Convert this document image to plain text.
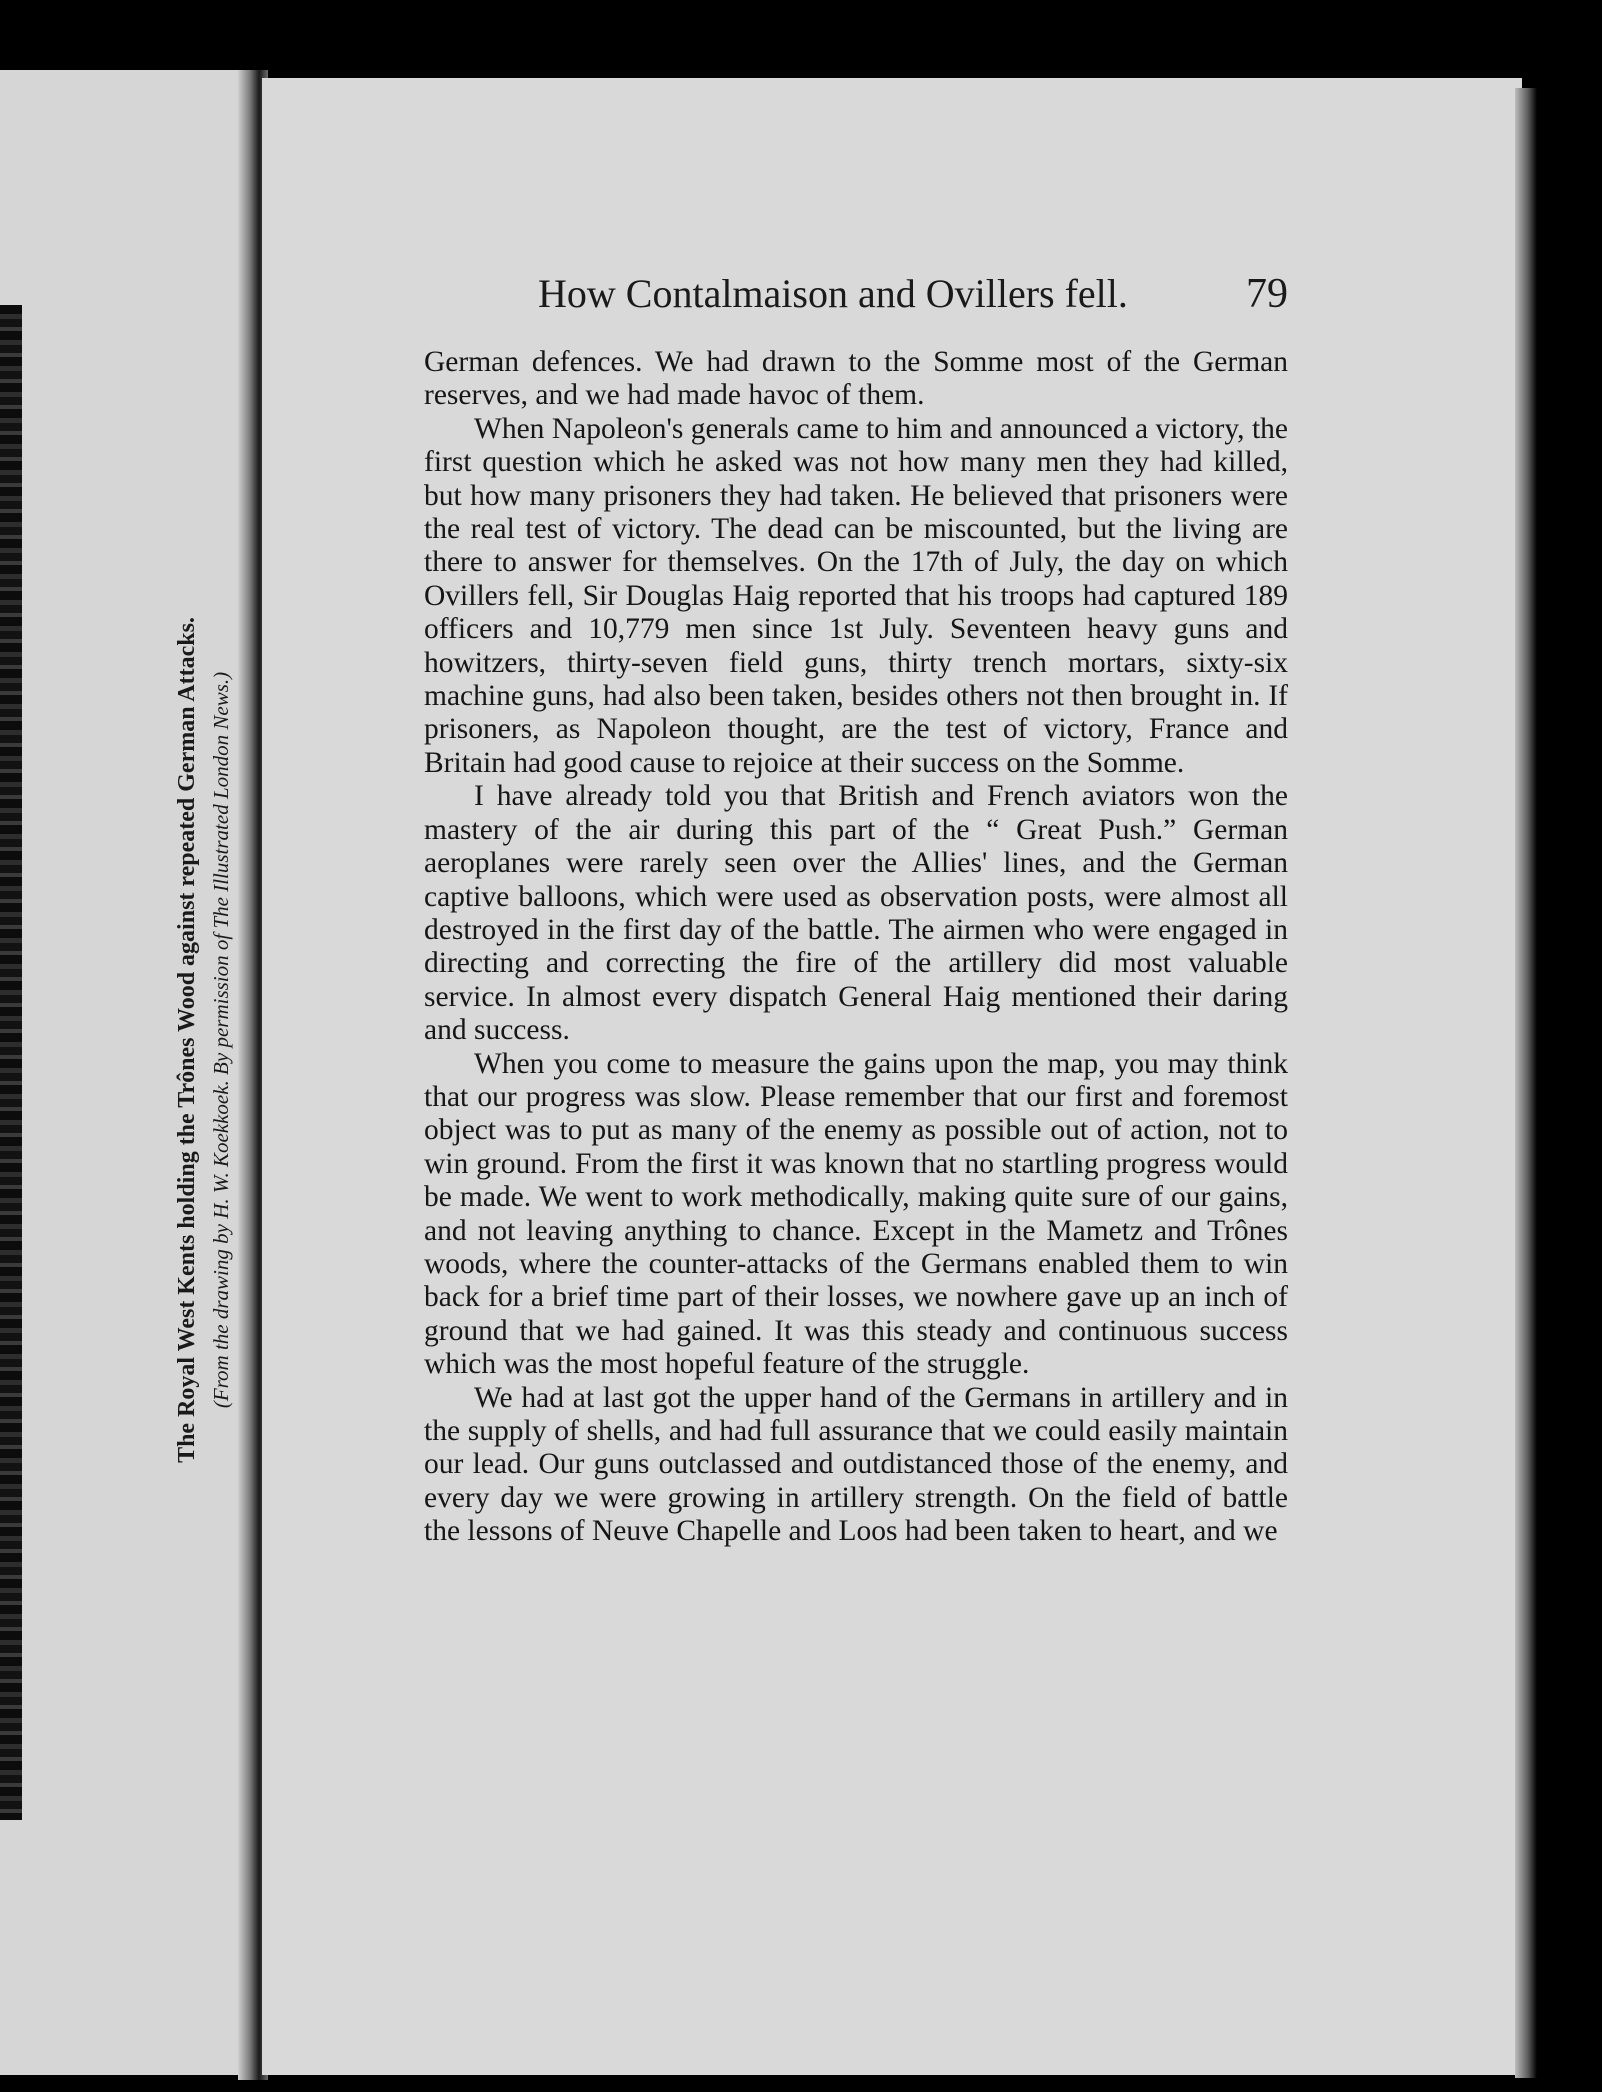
The Royal West Kents holding the Trônes Wood against repeated German Attacks. (From the drawing by H. W. Koekkoek. By permission of The Illustrated London News.)
How Contalmaison and Ovillers fell.	79

German defences. We had drawn to the Somme most of the German reserves, and we had made havoc of them.

When Napoleon's generals came to him and announced a victory, the first question which he asked was not how many men they had killed, but how many prisoners they had taken. He believed that prisoners were the real test of victory. The dead can be miscounted, but the living are there to answer for themselves. On the 17th of July, the day on which Ovillers fell, Sir Douglas Haig reported that his troops had captured 189 officers and 10,779 men since 1st July. Seventeen heavy guns and howitzers, thirty-seven field guns, thirty trench mortars, sixty-six machine guns, had also been taken, besides others not then brought in. If prisoners, as Napoleon thought, are the test of victory, France and Britain had good cause to rejoice at their success on the Somme.

I have already told you that British and French aviators won the mastery of the air during this part of the “ Great Push.” German aeroplanes were rarely seen over the Allies' lines, and the German captive balloons, which were used as observation posts, were almost all destroyed in the first day of the battle. The airmen who were engaged in directing and correcting the fire of the artillery did most valuable service. In almost every dispatch General Haig mentioned their daring and success.

When you come to measure the gains upon the map, you may think that our progress was slow. Please remember that our first and foremost object was to put as many of the enemy as possible out of action, not to win ground. From the first it was known that no startling progress would be made. We went to work methodically, making quite sure of our gains, and not leaving anything to chance. Except in the Mametz and Trônes woods, where the counter-attacks of the Germans enabled them to win back for a brief time part of their losses, we nowhere gave up an inch of ground that we had gained. It was this steady and continuous success which was the most hopeful feature of the struggle.

We had at last got the upper hand of the Germans in artillery and in the supply of shells, and had full assurance that we could easily maintain our lead. Our guns outclassed and outdistanced those of the enemy, and every day we were growing in artillery strength. On the field of battle the lessons of Neuve Chapelle and Loos had been taken to heart, and we
